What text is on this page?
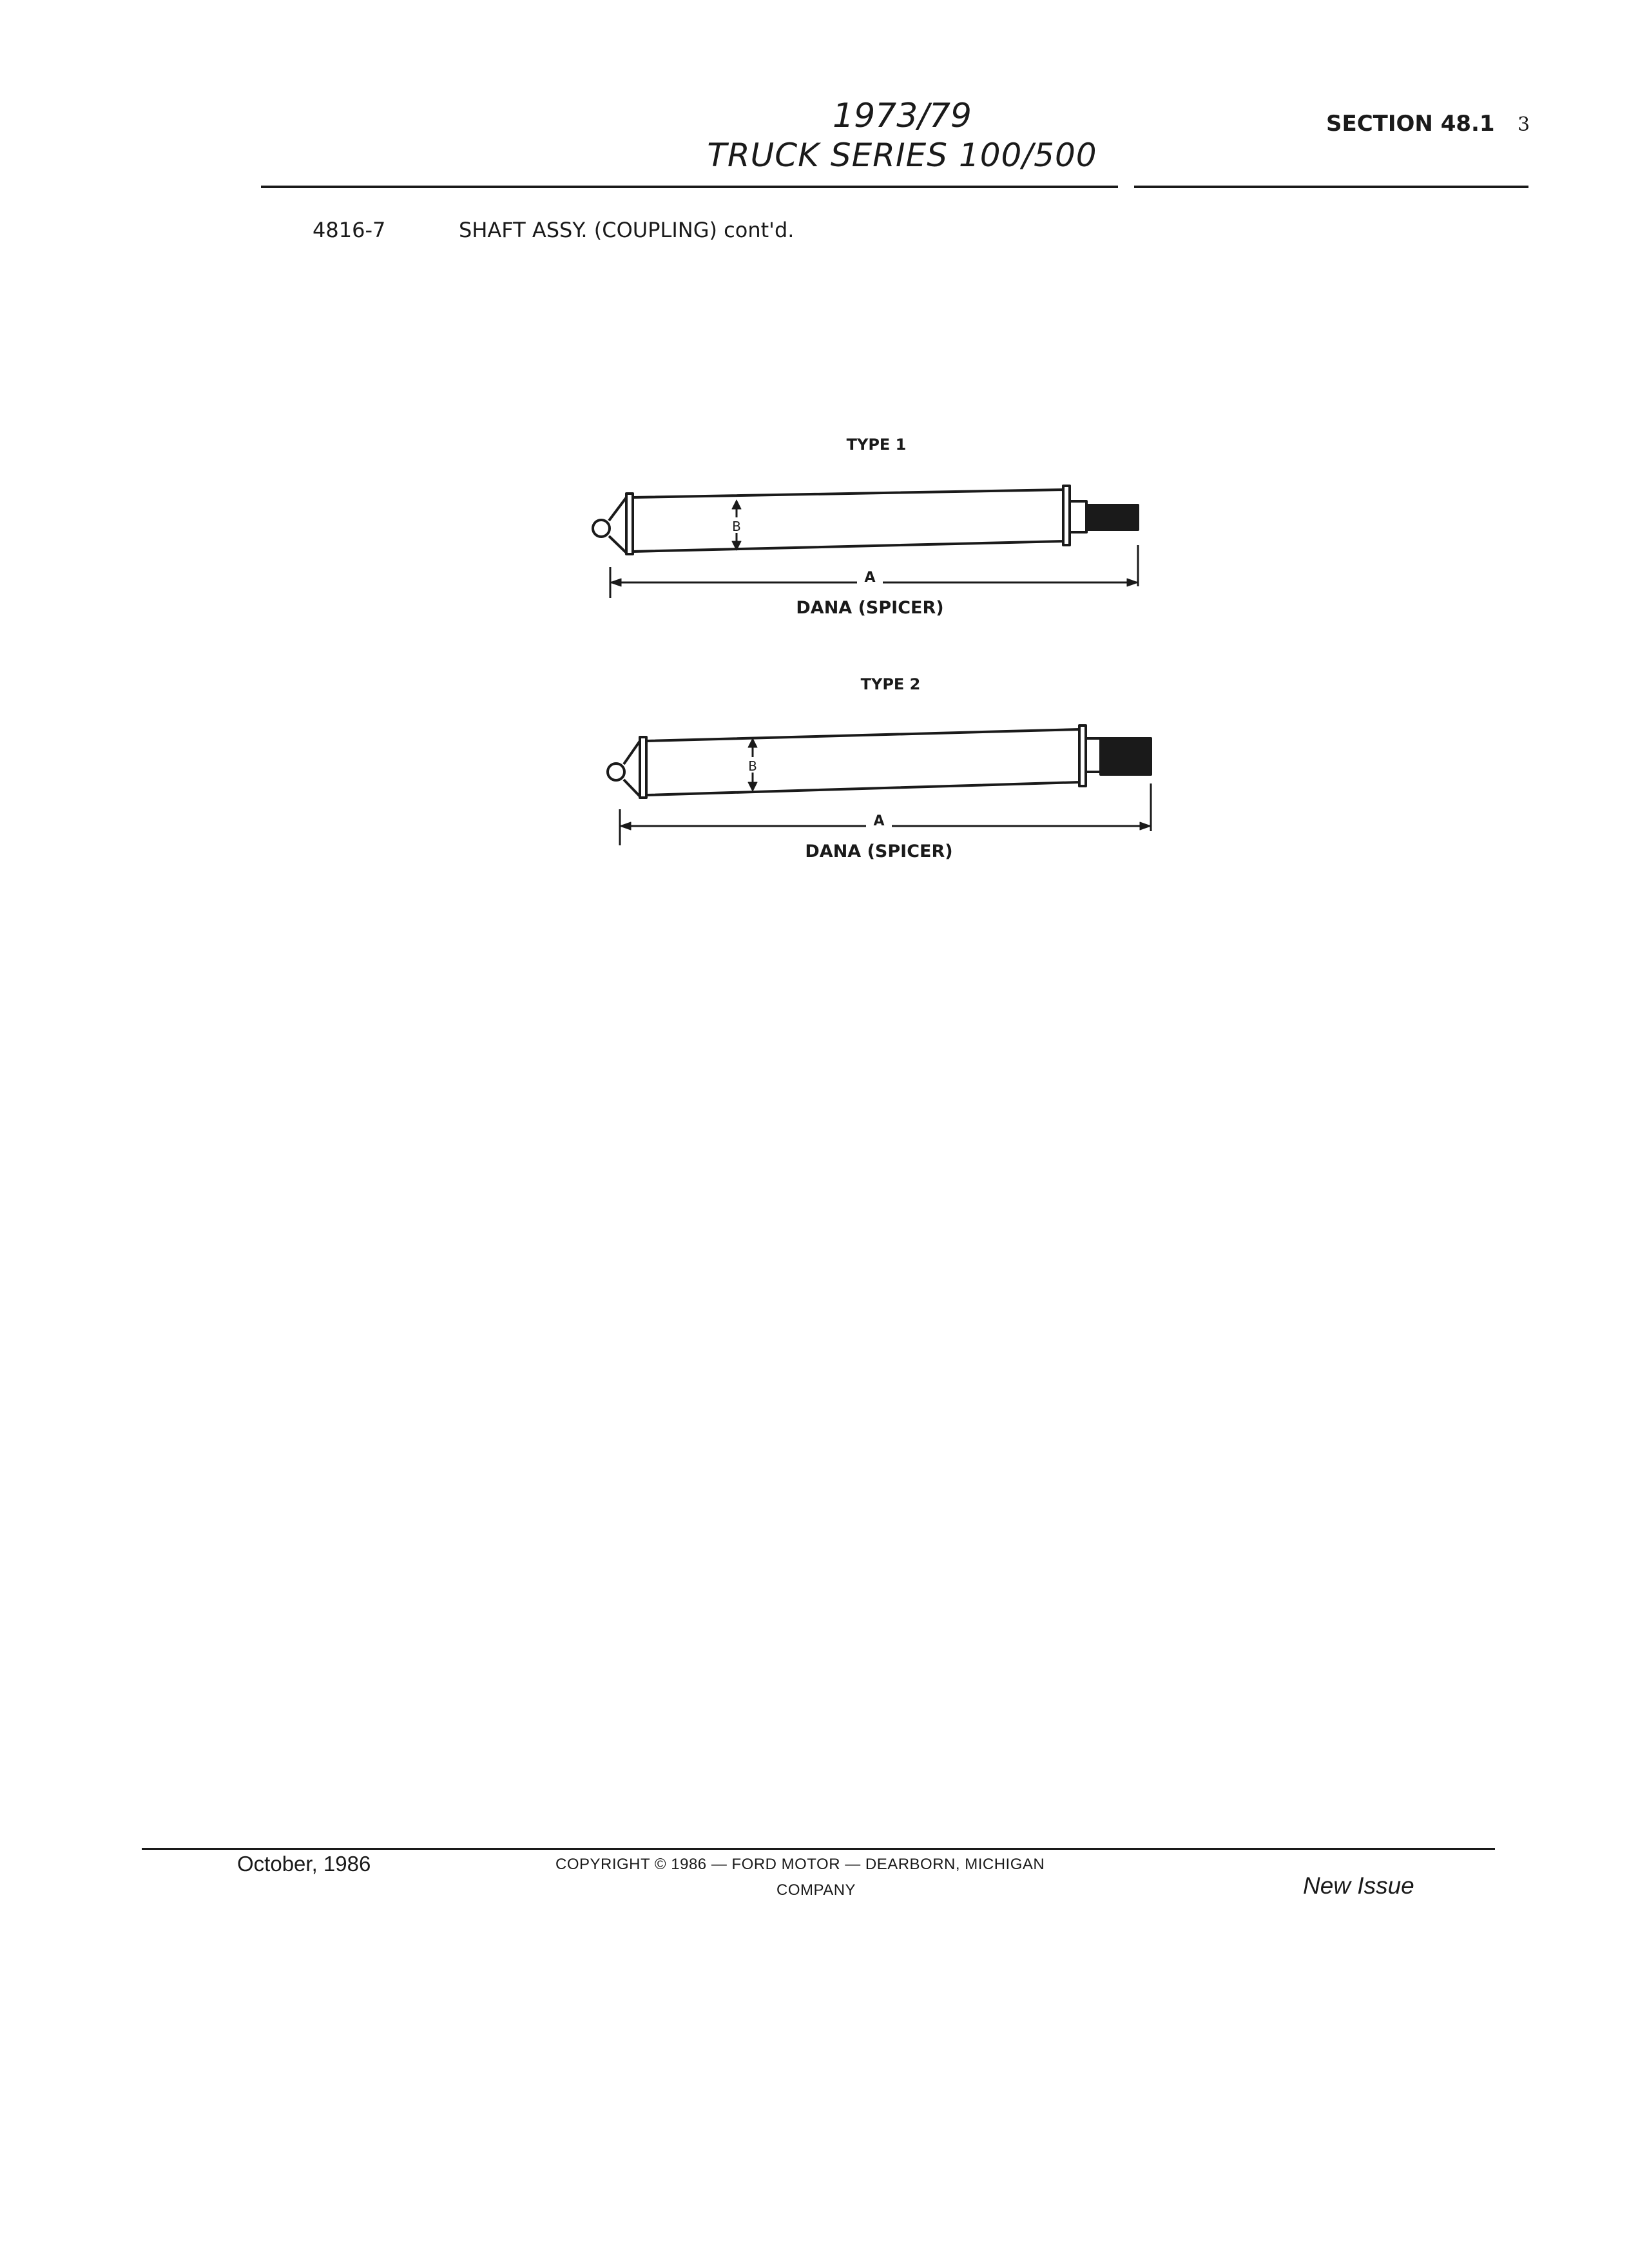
1973/79
TRUCK SERIES 100/500
SECTION 48.1 3
4816-7	SHAFT ASSY. (COUPLING) cont'd.
TYPE 1
B
A
DANA (SPICER)
TYPE 2
B
A
DANA (SPICER)
October, 1986	COPYRIGHT © 1986 — FORD MOTOR — DEARBORN, MICHIGAN
COMPANY	New Issue
